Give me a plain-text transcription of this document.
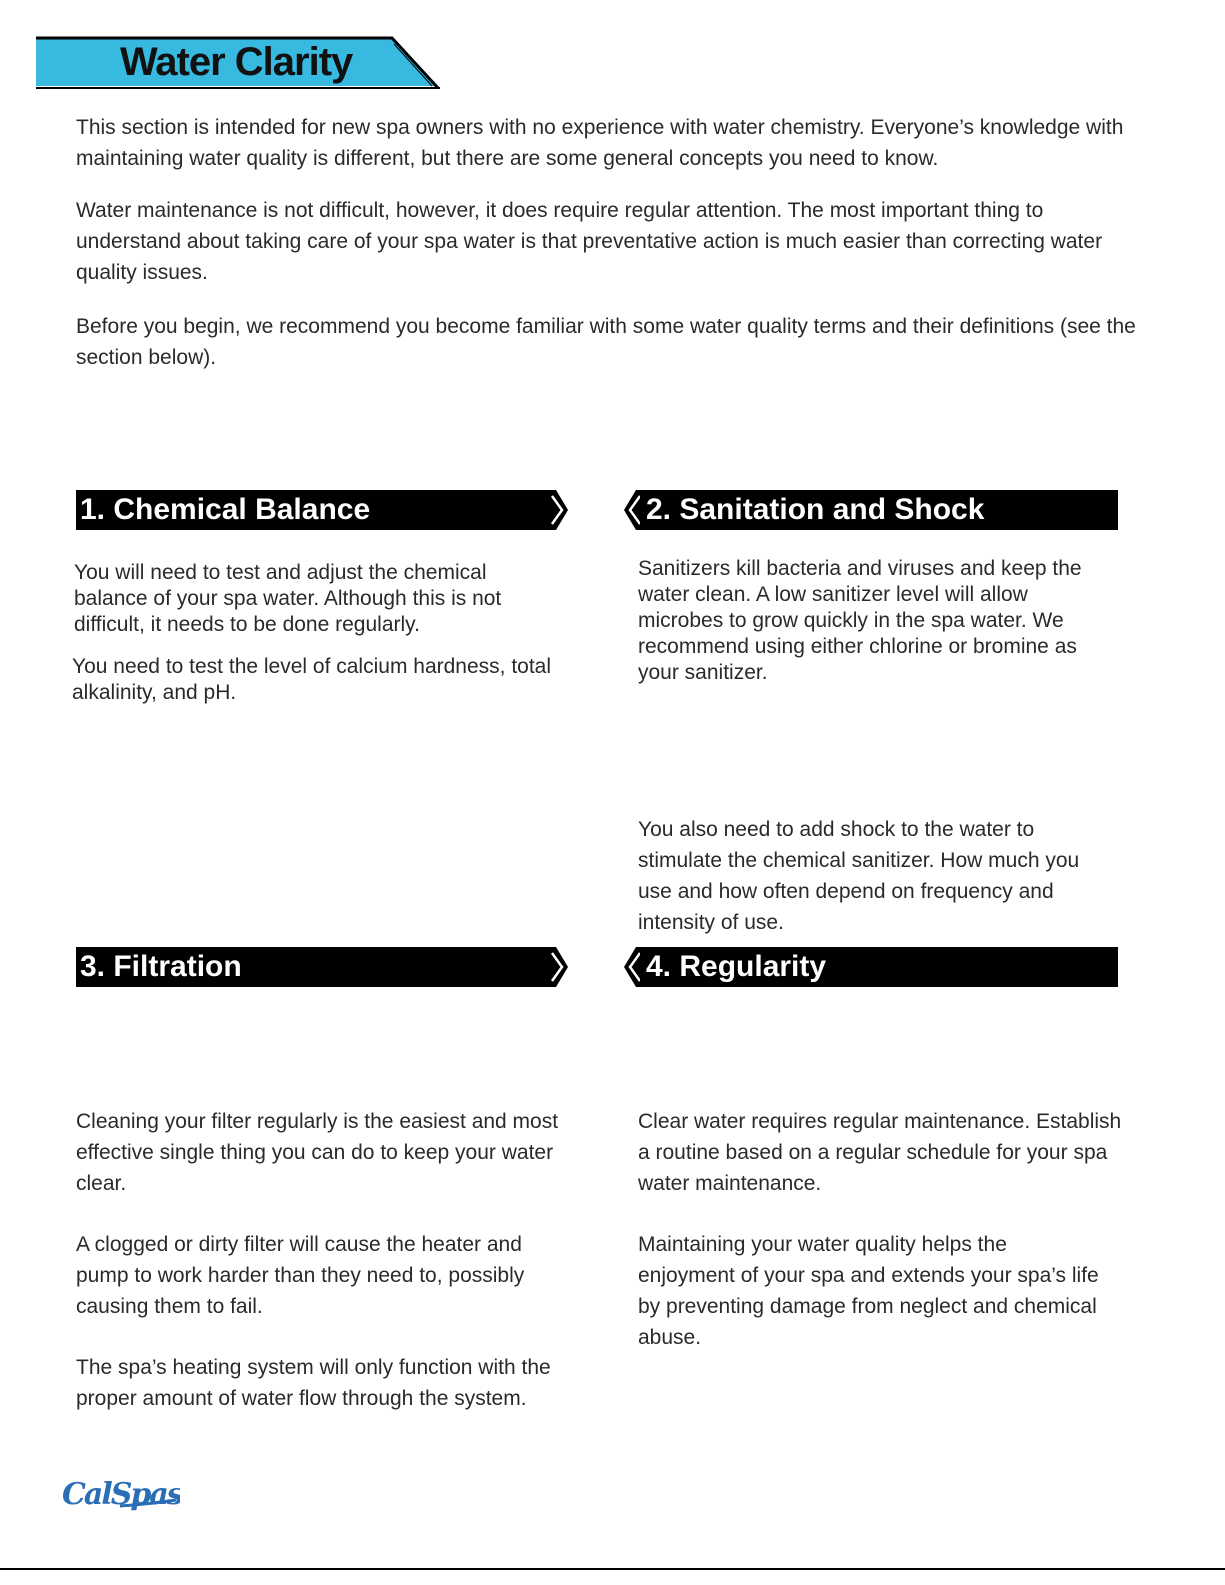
Water Clarity

This section is intended for new spa owners with no experience with water chemistry. Everyone’s knowledge with maintaining water quality is different, but there are some general concepts you need to know.

Water maintenance is not difficult, however, it does require regular attention. The most important thing to understand about taking care of your spa water is that preventative action is much easier than correcting water quality issues.

Before you begin, we recommend you become familiar with some water quality terms and their definitions (see the section below).

1. Chemical Balance	2. Sanitation and Shock

You will need to test and adjust the chemical balance of your spa water. Although this is not difficult, it needs to be done regularly.

You need to test the level of calcium hardness, total alkalinity, and pH.

Sanitizers kill bacteria and viruses and keep the water clean. A low sanitizer level will allow microbes to grow quickly in the spa water. We recommend using either chlorine or bromine as your sanitizer.

You also need to add shock to the water to stimulate the chemical sanitizer. How much you use and how often depend on frequency and intensity of use.

3. Filtration	4. Regularity

Cleaning your filter regularly is the easiest and most effective single thing you can do to keep your water clear.

A clogged or dirty filter will cause the heater and pump to work harder than they need to, possibly causing them to fail.

The spa’s heating system will only function with the proper amount of water flow through the system.

Clear water requires regular maintenance. Establish a routine based on a regular schedule for your spa water maintenance.

Maintaining your water quality helps the enjoyment of your spa and extends your spa’s life by preventing damage from neglect and chemical abuse.

CalSpas
